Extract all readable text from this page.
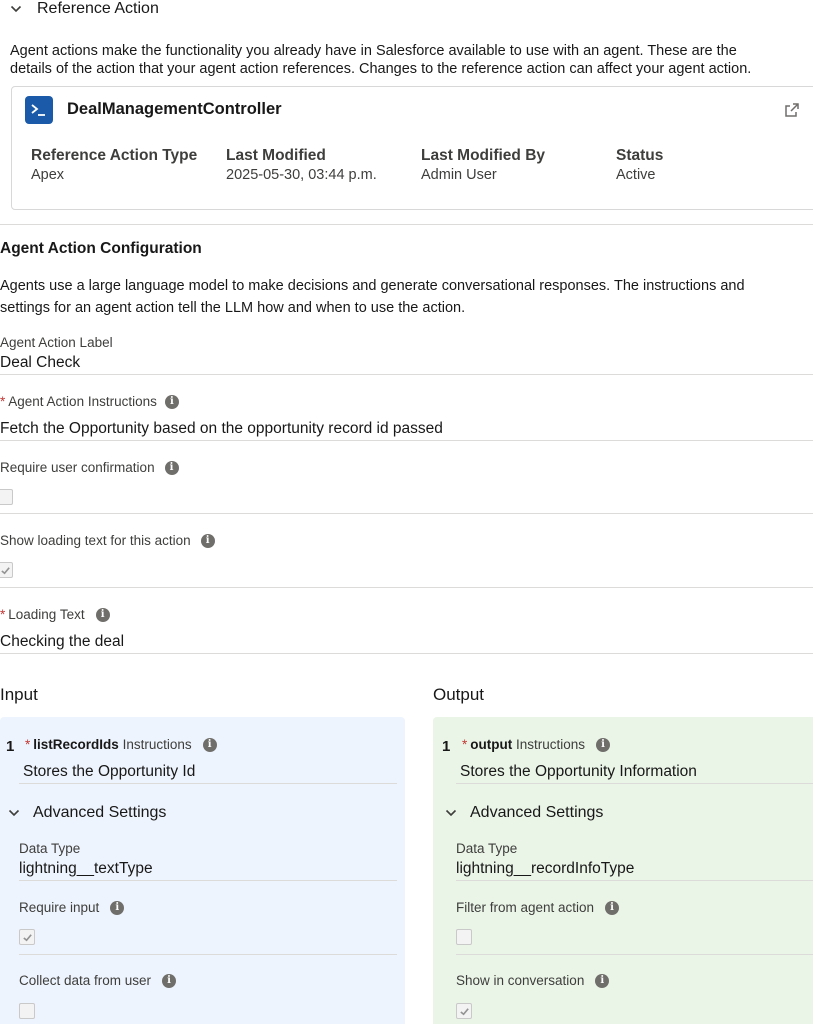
Reference Action
Agent actions make the functionality you already have in Salesforce available to use with an agent. These are the
details of the action that your agent action references. Changes to the reference action can affect your agent action.
DealManagementController
Reference Action Type
Apex
Last Modified
2025-05-30, 03:44 p.m.
Last Modified By
Admin User
Status
Active
Agent Action Configuration
Agents use a large language model to make decisions and generate conversational responses. The instructions and
settings for an agent action tell the LLM how and when to use the action.
Agent Action Label
Deal Check
* Agent Action Instructions i
Fetch the Opportunity based on the opportunity record id passed
Require user confirmation i
Show loading text for this action i
* Loading Text i
Checking the deal
Input	Output
1 * listRecordIds Instructions i
Stores the Opportunity Id
Advanced Settings
Data Type
lightning__textType
Require input i
Collect data from user i
1 * output Instructions i
Stores the Opportunity Information
Advanced Settings
Data Type
lightning__recordInfoType
Filter from agent action i
Show in conversation i
